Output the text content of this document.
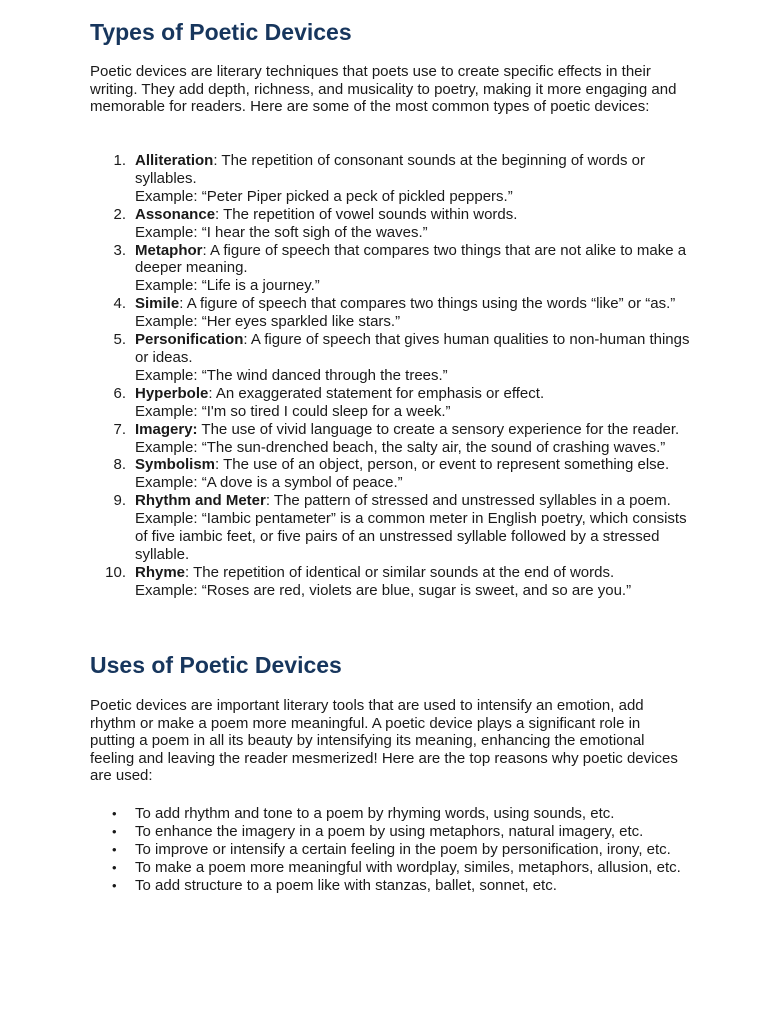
Types of Poetic Devices

Poetic devices are literary techniques that poets use to create specific effects in their writing. They add depth, richness, and musicality to poetry, making it more engaging and memorable for readers. Here are some of the most common types of poetic devices:

1. Alliteration: The repetition of consonant sounds at the beginning of words or syllables.
Example: “Peter Piper picked a peck of pickled peppers.”
2. Assonance: The repetition of vowel sounds within words.
Example: “I hear the soft sigh of the waves.”
3. Metaphor: A figure of speech that compares two things that are not alike to make a deeper meaning.
Example: “Life is a journey.”
4. Simile: A figure of speech that compares two things using the words “like” or “as.”
Example: “Her eyes sparkled like stars.”
5. Personification: A figure of speech that gives human qualities to non-human things or ideas.
Example: “The wind danced through the trees.”
6. Hyperbole: An exaggerated statement for emphasis or effect.
Example: “I'm so tired I could sleep for a week.”
7. Imagery: The use of vivid language to create a sensory experience for the reader.
Example: “The sun-drenched beach, the salty air, the sound of crashing waves.”
8. Symbolism: The use of an object, person, or event to represent something else.
Example: “A dove is a symbol of peace.”
9. Rhythm and Meter: The pattern of stressed and unstressed syllables in a poem.
Example: “Iambic pentameter” is a common meter in English poetry, which consists of five iambic feet, or five pairs of an unstressed syllable followed by a stressed syllable.
10. Rhyme: The repetition of identical or similar sounds at the end of words.
Example: “Roses are red, violets are blue, sugar is sweet, and so are you.”
Uses of Poetic Devices

Poetic devices are important literary tools that are used to intensify an emotion, add rhythm or make a poem more meaningful. A poetic device plays a significant role in putting a poem in all its beauty by intensifying its meaning, enhancing the emotional feeling and leaving the reader mesmerized! Here are the top reasons why poetic devices are used:

• To add rhythm and tone to a poem by rhyming words, using sounds, etc.
• To enhance the imagery in a poem by using metaphors, natural imagery, etc.
• To improve or intensify a certain feeling in the poem by personification, irony, etc.
• To make a poem more meaningful with wordplay, similes, metaphors, allusion, etc.
• To add structure to a poem like with stanzas, ballet, sonnet, etc.
